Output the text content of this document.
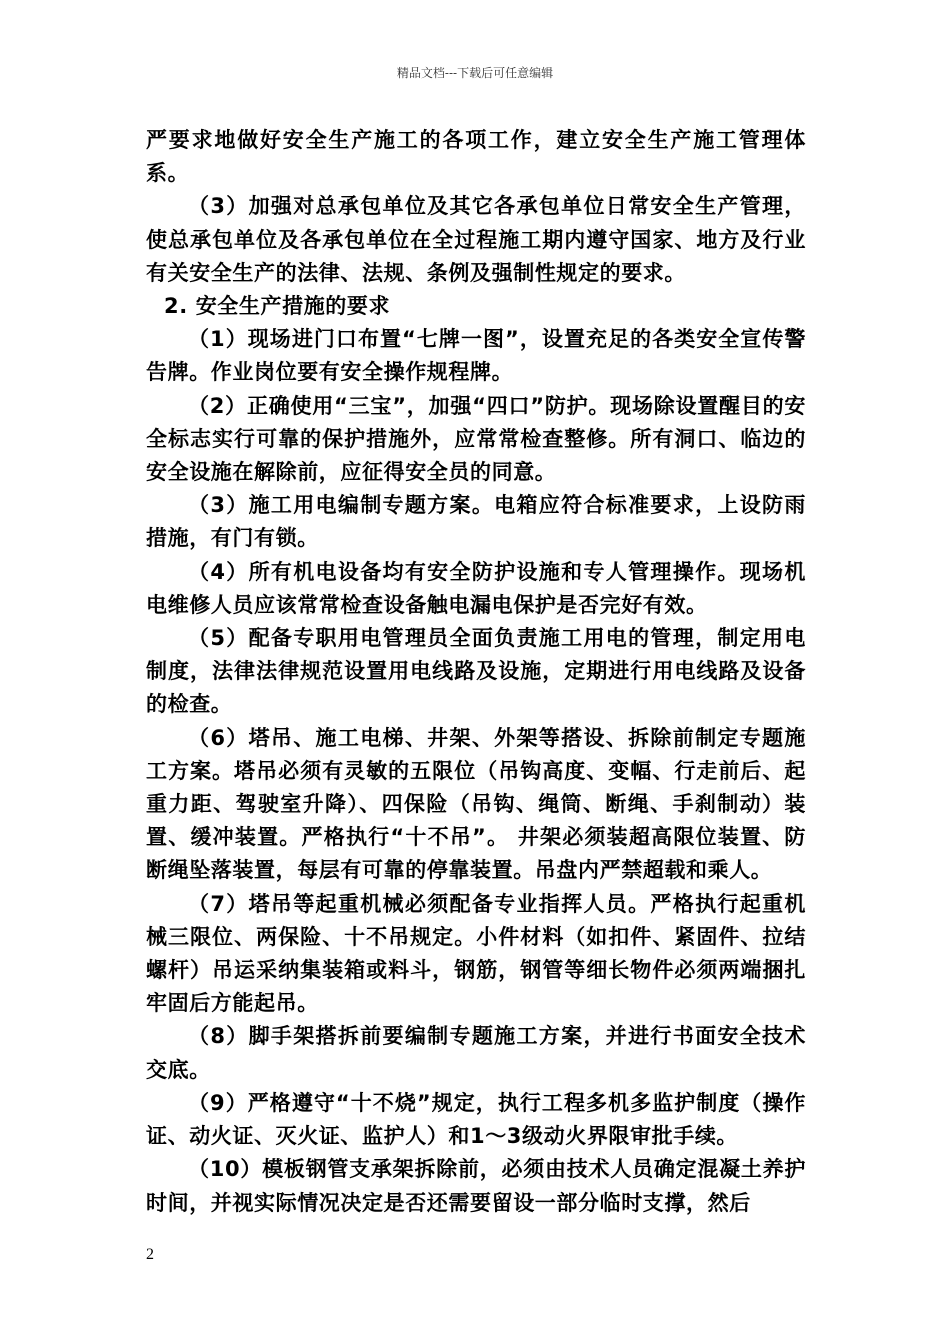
精品文档---下载后可任意编辑

严要求地做好安全生产施工的各项工作，建立安全生产施工管理体系。

（3）加强对总承包单位及其它各承包单位日常安全生产管理，使总承包单位及各承包单位在全过程施工期内遵守国家、地方及行业有关安全生产的法律、法规、条例及强制性规定的要求。

2. 安全生产措施的要求

（1）现场进门口布置“七牌一图”，设置充足的各类安全宣传警告牌。作业岗位要有安全操作规程牌。

（2）正确使用“三宝”，加强“四口”防护。现场除设置醒目的安全标志实行可靠的保护措施外，应常常检查整修。所有洞口、临边的安全设施在解除前，应征得安全员的同意。

（3）施工用电编制专题方案。电箱应符合标准要求，上设防雨措施，有门有锁。

（4）所有机电设备均有安全防护设施和专人管理操作。现场机电维修人员应该常常检查设备触电漏电保护是否完好有效。

（5）配备专职用电管理员全面负责施工用电的管理，制定用电制度，法律法律规范设置用电线路及设施，定期进行用电线路及设备的检查。

（6）塔吊、施工电梯、井架、外架等搭设、拆除前制定专题施工方案。塔吊必须有灵敏的五限位（吊钩高度、变幅、行走前后、起重力距、驾驶室升降）、四保险（吊钩、绳筒、断绳、手刹制动）装置、缓冲装置。严格执行“十不吊”。 井架必须装超高限位装置、防断绳坠落装置，每层有可靠的停靠装置。吊盘内严禁超载和乘人。

（7）塔吊等起重机械必须配备专业指挥人员。严格执行起重机械三限位、两保险、十不吊规定。小件材料（如扣件、紧固件、拉结螺杆）吊运采纳集装箱或料斗，钢筋，钢管等细长物件必须两端捆扎牢固后方能起吊。

（8）脚手架搭拆前要编制专题施工方案，并进行书面安全技术交底。

（9）严格遵守“十不烧”规定，执行工程多机多监护制度（操作证、动火证、灭火证、监护人）和1～3级动火界限审批手续。

（10）模板钢管支承架拆除前，必须由技术人员确定混凝土养护时间，并视实际情况决定是否还需要留设一部分临时支撑，然后

2
